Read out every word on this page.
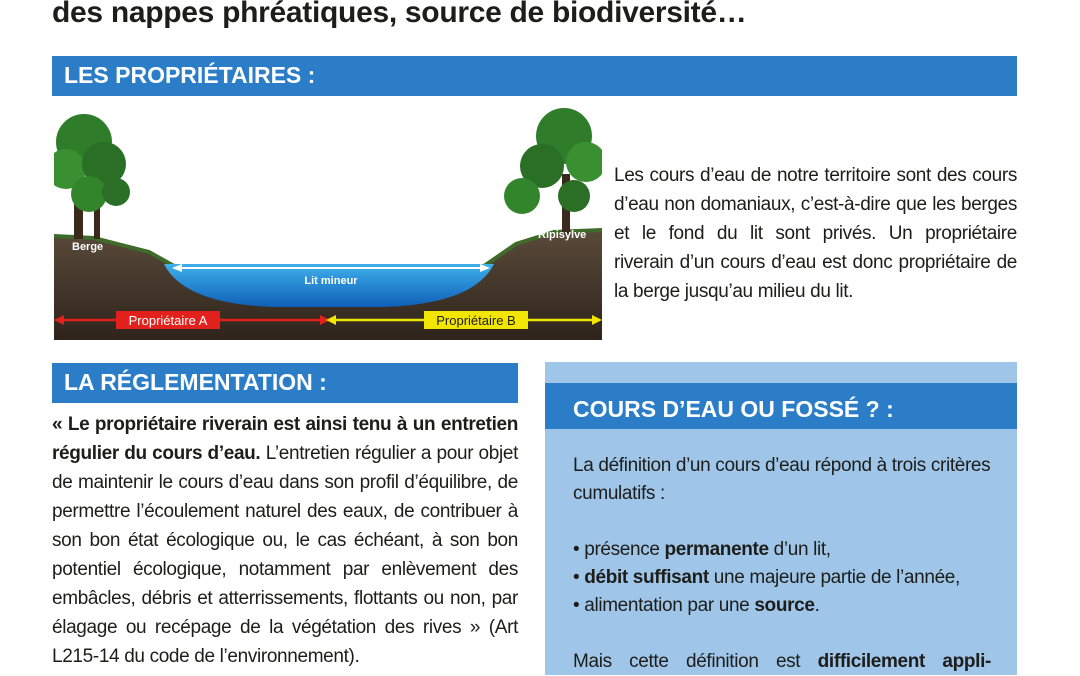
des nappes phréatiques, source de biodiversité…
LES PROPRIÉTAIRES :
Berge
Ripisylve
Lit mineur
Propriétaire A	Propriétaire B

Les cours d’eau de notre territoire sont des cours d’eau non domaniaux, c’est-à-dire que les berges et le fond du lit sont privés. Un propriétaire riverain d’un cours d’eau est donc propriétaire de la berge jusqu’au milieu du lit.

LA RÉGLEMENTATION :

« Le propriétaire riverain est ainsi tenu à un entretien régulier du cours d’eau. L’entretien régulier a pour objet de maintenir le cours d’eau dans son profil d’équilibre, de permettre l’écoulement naturel des eaux, de contribuer à son bon état écologique ou, le cas échéant, à son bon potentiel écologique, notamment par enlèvement des embâcles, débris et atterrissements, flottants ou non, par élagage ou recépage de la végétation des rives » (Art L215-14 du code de l’environnement).

COURS D’EAU OU FOSSÉ ? :

La définition d’un cours d’eau répond à trois critères cumulatifs :

• présence permanente d’un lit,

• débit suffisant une majeure partie de l’année,

• alimentation par une source.

Mais cette définition est difficilement appli-
